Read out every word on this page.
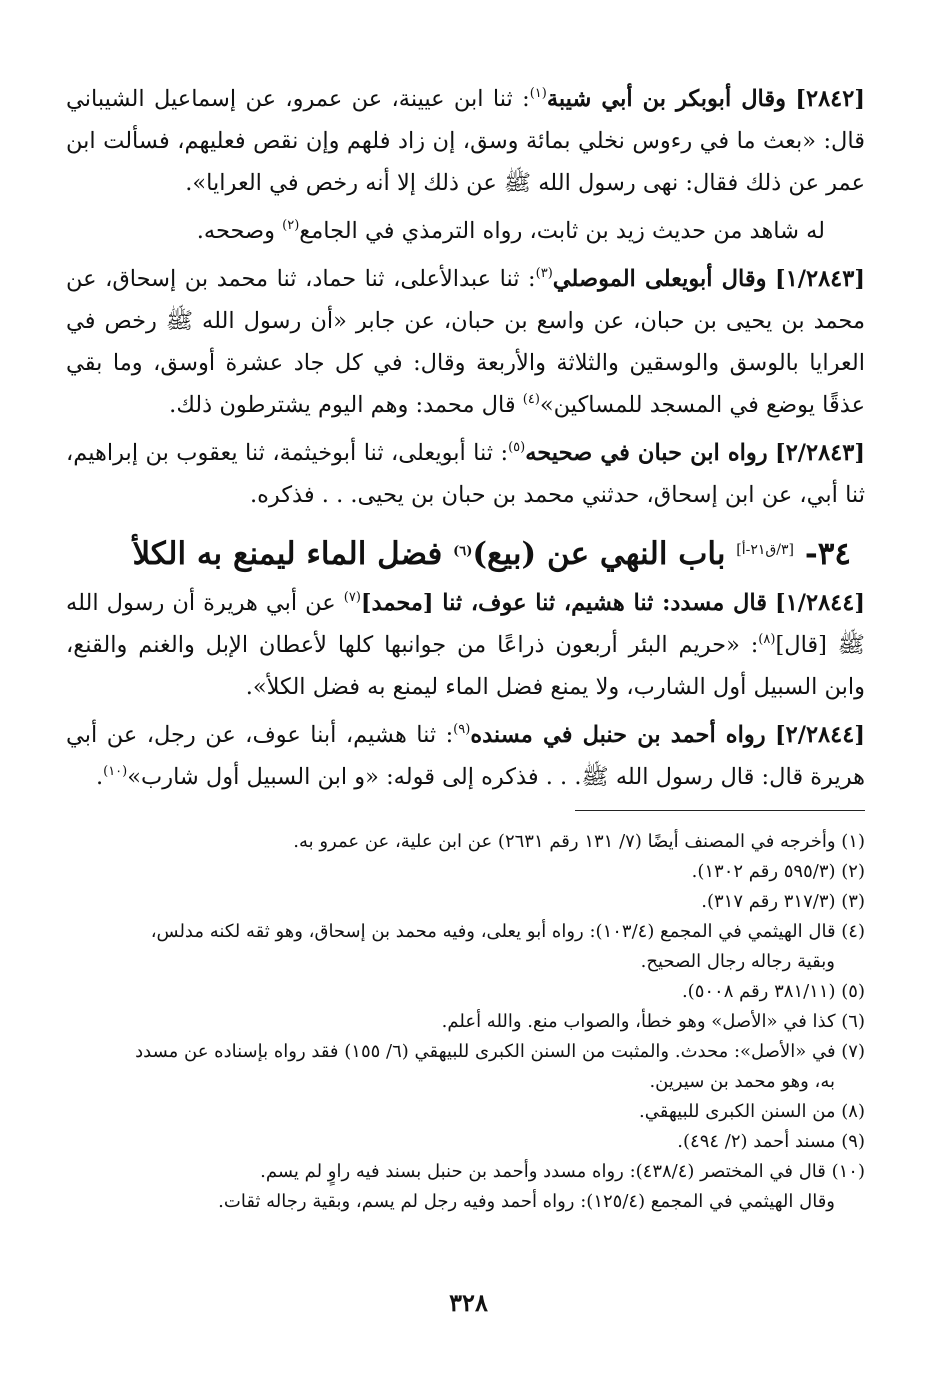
[٢٨٤٢] وقال أبوبكر بن أبي شيبة$^{(١)}$: ثنا ابن عيينة، عن عمرو، عن إسماعيل الشيباني قال: «بعث ما في رءوس نخلي بمائة وسق، إن زاد فلهم وإن نقص فعليهم، فسألت ابن عمر عن ذلك فقال: نهى رسول الله ﷺ عن ذلك إلا أنه رخص في العرايا».

له شاهد من حديث زيد بن ثابت، رواه الترمذي في الجامع$^{(٢)}$ وصححه.

[١/٢٨٤٣] وقال أبويعلى الموصلي$^{(٣)}$: ثنا عبدالأعلى، ثنا حماد، ثنا محمد بن إسحاق، عن محمد بن يحيى بن حبان، عن واسع بن حبان، عن جابر «أن رسول الله ﷺ رخص في العرايا بالوسق والوسقين والثلاثة والأربعة وقال: في كل جاد عشرة أوسق، وما بقي عذقًا يوضع في المسجد للمساكين»$^{(٤)}$ قال محمد: وهم اليوم يشترطون ذلك.

[٢/٢٨٤٣] رواه ابن حبان في صحيحه$^{(٥)}$: ثنا أبويعلى، ثنا أبوخيثمة، ثنا يعقوب بن إبراهيم، ثنا أبي، عن ابن إسحاق، حدثني محمد بن حبان بن يحيى. . . فذكره.

٣٤- [٣/ق٢١-أ] باب النهي عن (بيع)$^{(٦)}$ فضل الماء ليمنع به الكلأ

[١/٢٨٤٤] قال مسدد: ثنا هشيم، ثنا عوف، ثنا [محمد]$^{(٧)}$ عن أبي هريرة أن رسول الله ﷺ [قال]$^{(٨)}$: «حريم البئر أربعون ذراعًا من جوانبها كلها لأعطان الإبل والغنم والقنع، وابن السبيل أول الشارب، ولا يمنع فضل الماء ليمنع به فضل الكلأ».

[٢/٢٨٤٤] رواه أحمد بن حنبل في مسنده$^{(٩)}$: ثنا هشيم، أبنا عوف، عن رجل، عن أبي هريرة قال: قال رسول الله ﷺ. . . فذكره إلى قوله: «و ابن السبيل أول شارب»$^{(١٠)}$.

(١) وأخرجه في المصنف أيضًا (٧/ ١٣١ رقم ٢٦٣١) عن ابن علية، عن عمرو به.

(٢) (٥٩٥/٣ رقم ١٣٠٢).

(٣) (٣١٧/٣ رقم ٣١٧).

(٤) قال الهيثمي في المجمع (١٠٣/٤): رواه أبو يعلى، وفيه محمد بن إسحاق، وهو ثقه لكنه مدلس،
وبقية رجاله رجال الصحيح.

(٥) (٣٨١/١١ رقم ٥٠٠٨).

(٦) كذا في «الأصل» وهو خطأ، والصواب منع. والله أعلم.

(٧) في «الأصل»: محدث. والمثبت من السنن الكبرى للبيهقي (٦/ ١٥٥) فقد رواه بإسناده عن مسدد
به، وهو محمد بن سيرين.

(٨) من السنن الكبرى للبيهقي.

(٩) مسند أحمد (٢/ ٤٩٤).

(١٠) قال في المختصر (٤٣٨/٤): رواه مسدد وأحمد بن حنبل بسند فيه راوٍ لم يسم.
وقال الهيثمي في المجمع (١٢٥/٤): رواه أحمد وفيه رجل لم يسم، وبقية رجاله ثقات.

٣٢٨
